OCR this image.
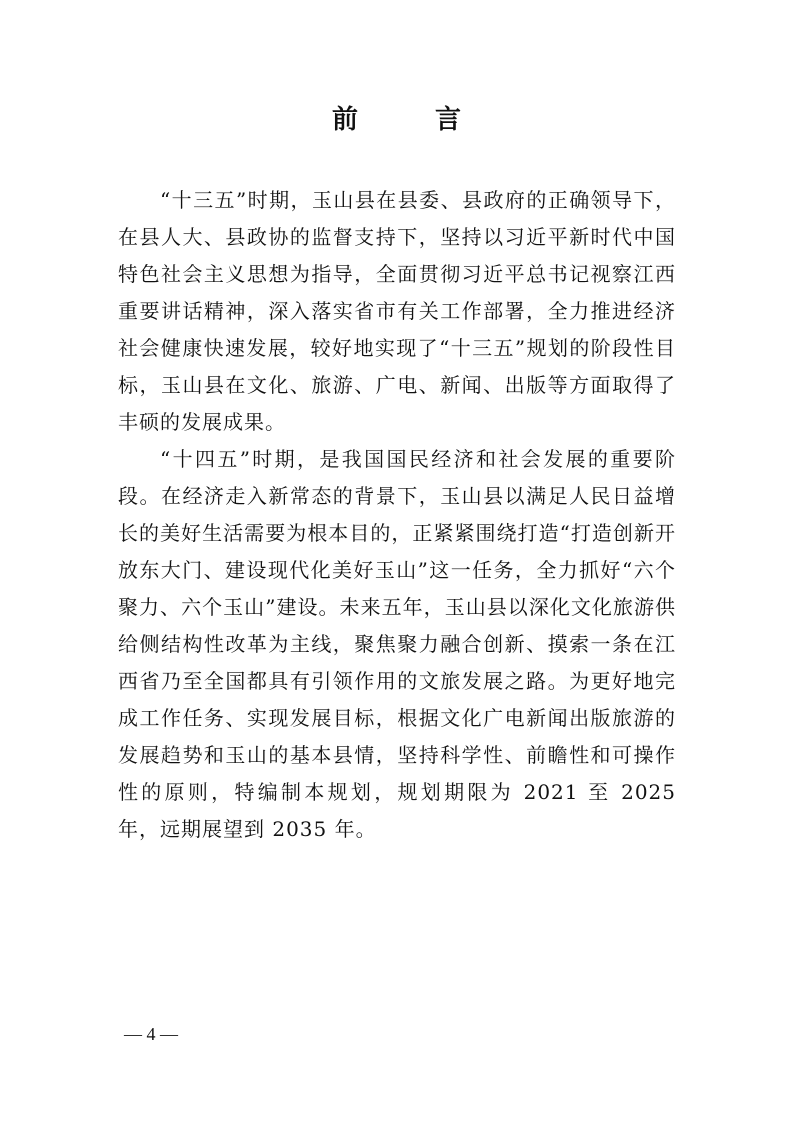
前 言

“十三五”时期，玉山县在县委、县政府的正确领导下，在县人大、县政协的监督支持下，坚持以习近平新时代中国特色社会主义思想为指导，全面贯彻习近平总书记视察江西重要讲话精神，深入落实省市有关工作部署，全力推进经济社会健康快速发展，较好地实现了“十三五”规划的阶段性目标，玉山县在文化、旅游、广电、新闻、出版等方面取得了丰硕的发展成果。

“十四五”时期，是我国国民经济和社会发展的重要阶段。在经济走入新常态的背景下，玉山县以满足人民日益增长的美好生活需要为根本目的，正紧紧围绕打造“打造创新开放东大门、建设现代化美好玉山”这一任务，全力抓好“六个聚力、六个玉山”建设。未来五年，玉山县以深化文化旅游供给侧结构性改革为主线，聚焦聚力融合创新、摸索一条在江西省乃至全国都具有引领作用的文旅发展之路。为更好地完成工作任务、实现发展目标，根据文化广电新闻出版旅游的发展趋势和玉山的基本县情，坚持科学性、前瞻性和可操作性的原则，特编制本规划，规划期限为 2021 至 2025 年，远期展望到 2035 年。

— 4 —
